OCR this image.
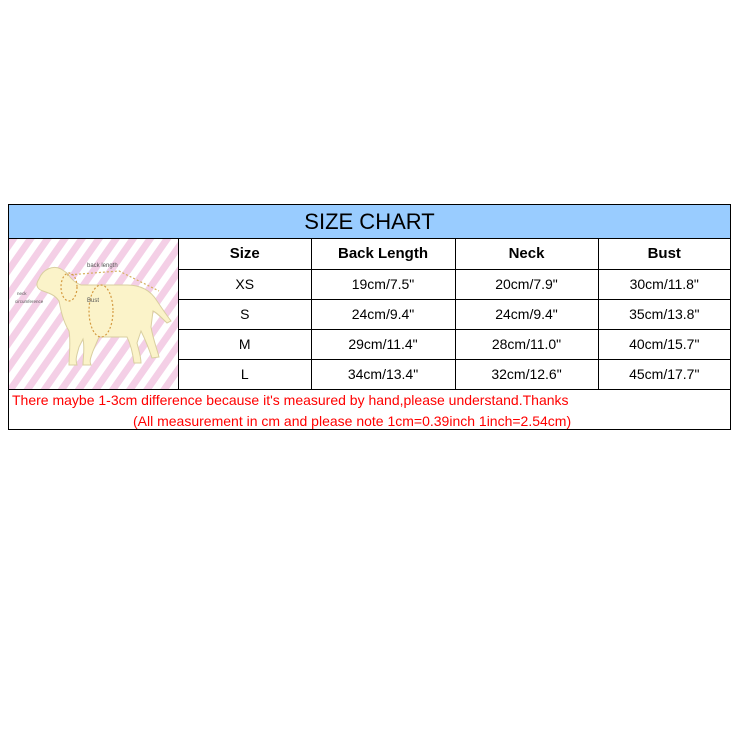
SIZE CHART
back length
Bust
neck
circumference
Size	Back Length	Neck	Bust
XS	19cm/7.5"	20cm/7.9"	30cm/11.8"
S	24cm/9.4"	24cm/9.4"	35cm/13.8"
M	29cm/11.4"	28cm/11.0"	40cm/15.7"
L	34cm/13.4"	32cm/12.6"	45cm/17.7"
There maybe 1-3cm difference because it's measured by hand,please understand.Thanks
(All measurement in cm and please note 1cm=0.39inch 1inch=2.54cm)
